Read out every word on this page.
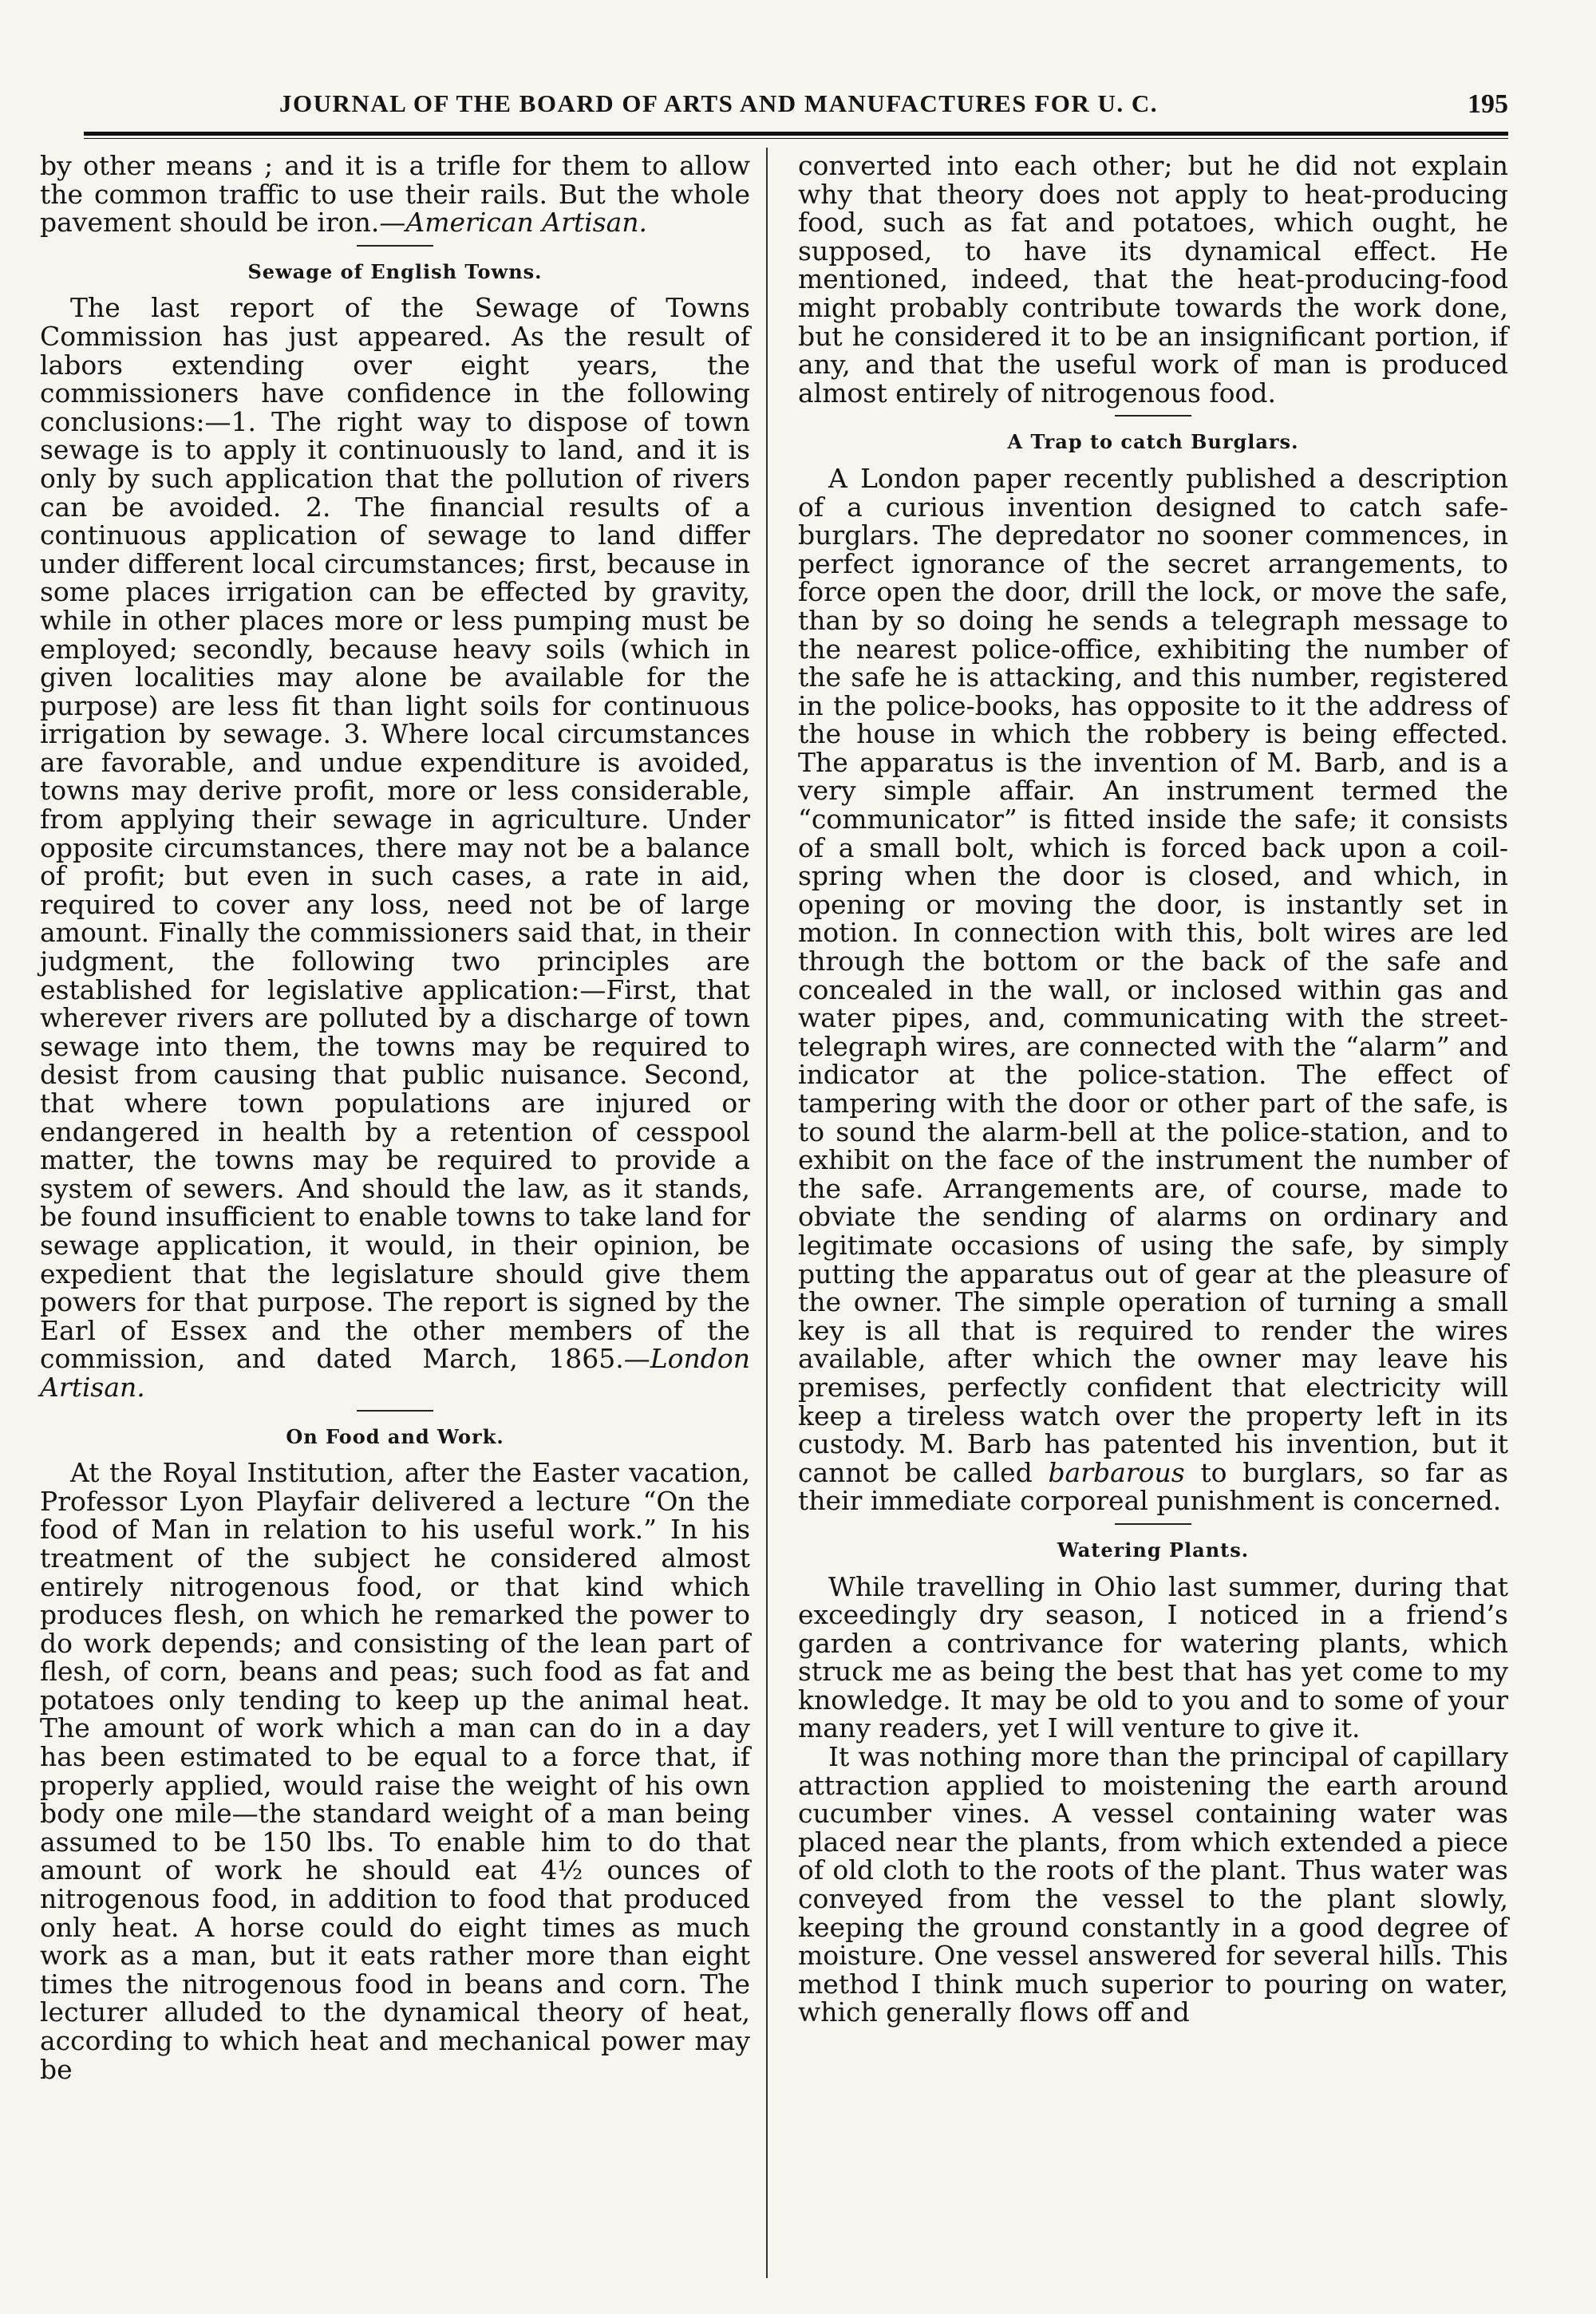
JOURNAL OF THE BOARD OF ARTS AND MANUFACTURES FOR U. C.	195

by other means ; and it is a trifle for them to allow the common traffic to use their rails. But the whole pavement should be iron.—American Artisan.

Sewage of English Towns.

The last report of the Sewage of Towns Commission has just appeared. As the result of labors extending over eight years, the commissioners have confidence in the following conclusions:—1. The right way to dispose of town sewage is to apply it continuously to land, and it is only by such application that the pollution of rivers can be avoided. 2. The financial results of a continuous application of sewage to land differ under different local circumstances; first, because in some places irrigation can be effected by gravity, while in other places more or less pumping must be employed; secondly, because heavy soils (which in given localities may alone be available for the purpose) are less fit than light soils for continuous irrigation by sewage. 3. Where local circumstances are favorable, and undue expenditure is avoided, towns may derive profit, more or less considerable, from applying their sewage in agriculture. Under opposite circumstances, there may not be a balance of profit; but even in such cases, a rate in aid, required to cover any loss, need not be of large amount. Finally the commissioners said that, in their judgment, the following two principles are established for legislative application:—First, that wherever rivers are polluted by a discharge of town sewage into them, the towns may be required to desist from causing that public nuisance. Second, that where town populations are injured or endangered in health by a retention of cesspool matter, the towns may be required to provide a system of sewers. And should the law, as it stands, be found insufficient to enable towns to take land for sewage application, it would, in their opinion, be expedient that the legislature should give them powers for that purpose. The report is signed by the Earl of Essex and the other members of the commission, and dated March, 1865.—London Artisan.

On Food and Work.

At the Royal Institution, after the Easter vacation, Professor Lyon Playfair delivered a lecture “On the food of Man in relation to his useful work.” In his treatment of the subject he considered almost entirely nitrogenous food, or that kind which produces flesh, on which he remarked the power to do work depends; and consisting of the lean part of flesh, of corn, beans and peas; such food as fat and potatoes only tending to keep up the animal heat. The amount of work which a man can do in a day has been estimated to be equal to a force that, if properly applied, would raise the weight of his own body one mile—the standard weight of a man being assumed to be 150 lbs. To enable him to do that amount of work he should eat 4½ ounces of nitrogenous food, in addition to food that produced only heat. A horse could do eight times as much work as a man, but it eats rather more than eight times the nitrogenous food in beans and corn. The lecturer alluded to the dynamical theory of heat, according to which heat and mechanical power may be

converted into each other; but he did not explain why that theory does not apply to heat-producing food, such as fat and potatoes, which ought, he supposed, to have its dynamical effect. He mentioned, indeed, that the heat-producing-food might probably contribute towards the work done, but he considered it to be an insignificant portion, if any, and that the useful work of man is produced almost entirely of nitrogenous food.

A Trap to catch Burglars.

A London paper recently published a description of a curious invention designed to catch safe-burglars. The depredator no sooner commences, in perfect ignorance of the secret arrangements, to force open the door, drill the lock, or move the safe, than by so doing he sends a telegraph message to the nearest police-office, exhibiting the number of the safe he is attacking, and this number, registered in the police-books, has opposite to it the address of the house in which the robbery is being effected. The apparatus is the invention of M. Barb, and is a very simple affair. An instrument termed the “communicator” is fitted inside the safe; it consists of a small bolt, which is forced back upon a coil-spring when the door is closed, and which, in opening or moving the door, is instantly set in motion. In connection with this, bolt wires are led through the bottom or the back of the safe and concealed in the wall, or inclosed within gas and water pipes, and, communicating with the street-telegraph wires, are connected with the “alarm” and indicator at the police-station. The effect of tampering with the door or other part of the safe, is to sound the alarm-bell at the police-station, and to exhibit on the face of the instrument the number of the safe. Arrangements are, of course, made to obviate the sending of alarms on ordinary and legitimate occasions of using the safe, by simply putting the apparatus out of gear at the pleasure of the owner. The simple operation of turning a small key is all that is required to render the wires available, after which the owner may leave his premises, perfectly confident that electricity will keep a tireless watch over the property left in its custody. M. Barb has patented his invention, but it cannot be called barbarous to burglars, so far as their immediate corporeal punishment is concerned.

Watering Plants.

While travelling in Ohio last summer, during that exceedingly dry season, I noticed in a friend’s garden a contrivance for watering plants, which struck me as being the best that has yet come to my knowledge. It may be old to you and to some of your many readers, yet I will venture to give it.

It was nothing more than the principal of capillary attraction applied to moistening the earth around cucumber vines. A vessel containing water was placed near the plants, from which extended a piece of old cloth to the roots of the plant. Thus water was conveyed from the vessel to the plant slowly, keeping the ground constantly in a good degree of moisture. One vessel answered for several hills. This method I think much superior to pouring on water, which generally flows off and
